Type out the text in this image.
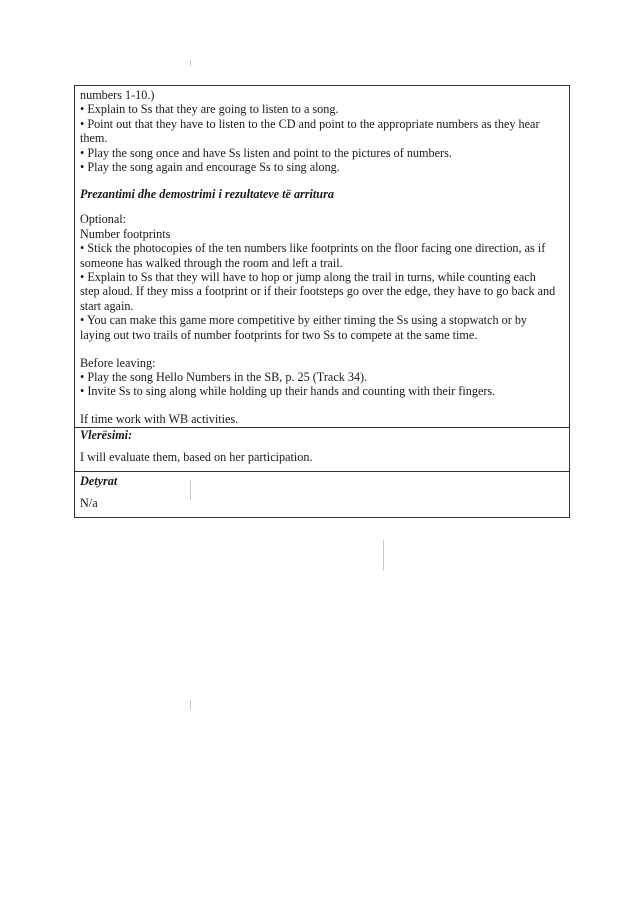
numbers 1-10.)
• Explain to Ss that they are going to listen to a song.
• Point out that they have to listen to the CD and point to the appropriate numbers as they hear
them.
• Play the song once and have Ss listen and point to the pictures of numbers.
• Play the song again and encourage Ss to sing along.
Prezantimi dhe demostrimi i rezultateve të arritura
Optional:
Number footprints
• Stick the photocopies of the ten numbers like footprints on the floor facing one direction, as if
someone has walked through the room and left a trail.
• Explain to Ss that they will have to hop or jump along the trail in turns, while counting each
step aloud. If they miss a footprint or if their footsteps go over the edge, they have to go back and
start again.
• You can make this game more competitive by either timing the Ss using a stopwatch or by
laying out two trails of number footprints for two Ss to compete at the same time.
Before leaving:
• Play the song Hello Numbers in the SB, p. 25 (Track 34).
• Invite Ss to sing along while holding up their hands and counting with their fingers.
If time work with WB activities.
Vlerësimi:
I will evaluate them, based on her participation.
Detyrat
N/a
